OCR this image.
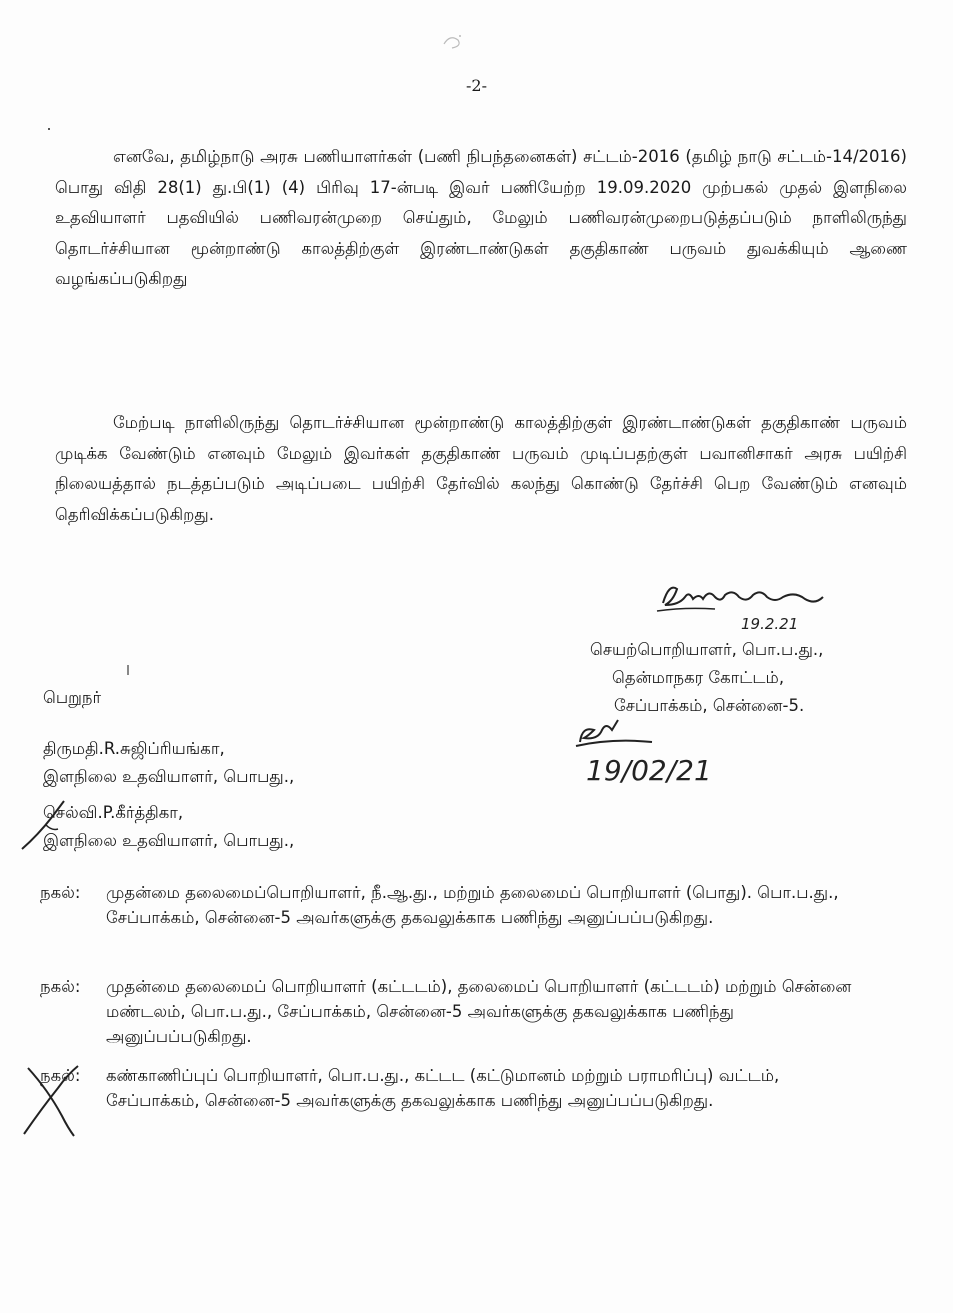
-2-
எனவே, தமிழ்நாடு அரசு பணியாளர்கள் (பணி நிபந்தனைகள்) சட்டம்-2016 (தமிழ் நாடு சட்டம்-14/2016) பொது விதி 28(1) து.பி(1) (4) பிரிவு 17-ன்படி இவர் பணியேற்ற 19.09.2020 முற்பகல் முதல் இளநிலை உதவியாளர் பதவியில் பணிவரன்முறை செய்தும், மேலும் பணிவரன்முறைபடுத்தப்படும் நாளிலிருந்து தொடர்ச்சியான மூன்றாண்டு காலத்திற்குள் இரண்டாண்டுகள் தகுதிகாண் பருவம் துவக்கியும் ஆணை வழங்கப்படுகிறது
மேற்படி நாளிலிருந்து தொடர்ச்சியான மூன்றாண்டு காலத்திற்குள் இரண்டாண்டுகள் தகுதிகாண் பருவம் முடிக்க வேண்டும் எனவும் மேலும் இவர்கள் தகுதிகாண் பருவம் முடிப்பதற்குள் பவானிசாகர் அரசு பயிற்சி நிலையத்தால் நடத்தப்படும் அடிப்படை பயிற்சி தேர்வில் கலந்து கொண்டு தேர்ச்சி பெற வேண்டும் எனவும் தெரிவிக்கப்படுகிறது.
19.2.21
செயற்பொறியாளர், பொ.ப.து.,
தென்மாநகர கோட்டம்,
சேப்பாக்கம், சென்னை-5.
பெறுநர்
திருமதி.R.சுஜிப்ரியங்கா,
இளநிலை உதவியாளர், பொபது.,	19/02/21
செல்வி.P.கீர்த்திகா,
இளநிலை உதவியாளர், பொபது.,
நகல்:	முதன்மை தலைமைப்பொறியாளர், நீ.ஆ.து., மற்றும் தலைமைப் பொறியாளர் (பொது). பொ.ப.து., சேப்பாக்கம், சென்னை-5 அவர்களுக்கு தகவலுக்காக பணிந்து அனுப்பப்படுகிறது.
நகல்:	முதன்மை தலைமைப் பொறியாளர் (கட்டடம்), தலைமைப் பொறியாளர் (கட்டடம்) மற்றும் சென்னை மண்டலம், பொ.ப.து., சேப்பாக்கம், சென்னை-5 அவர்களுக்கு தகவலுக்காக பணிந்து அனுப்பப்படுகிறது.
நகல்:	கண்காணிப்புப் பொறியாளர், பொ.ப.து., கட்டட (கட்டுமானம் மற்றும் பராமரிப்பு) வட்டம், சேப்பாக்கம், சென்னை-5 அவர்களுக்கு தகவலுக்காக பணிந்து அனுப்பப்படுகிறது.
